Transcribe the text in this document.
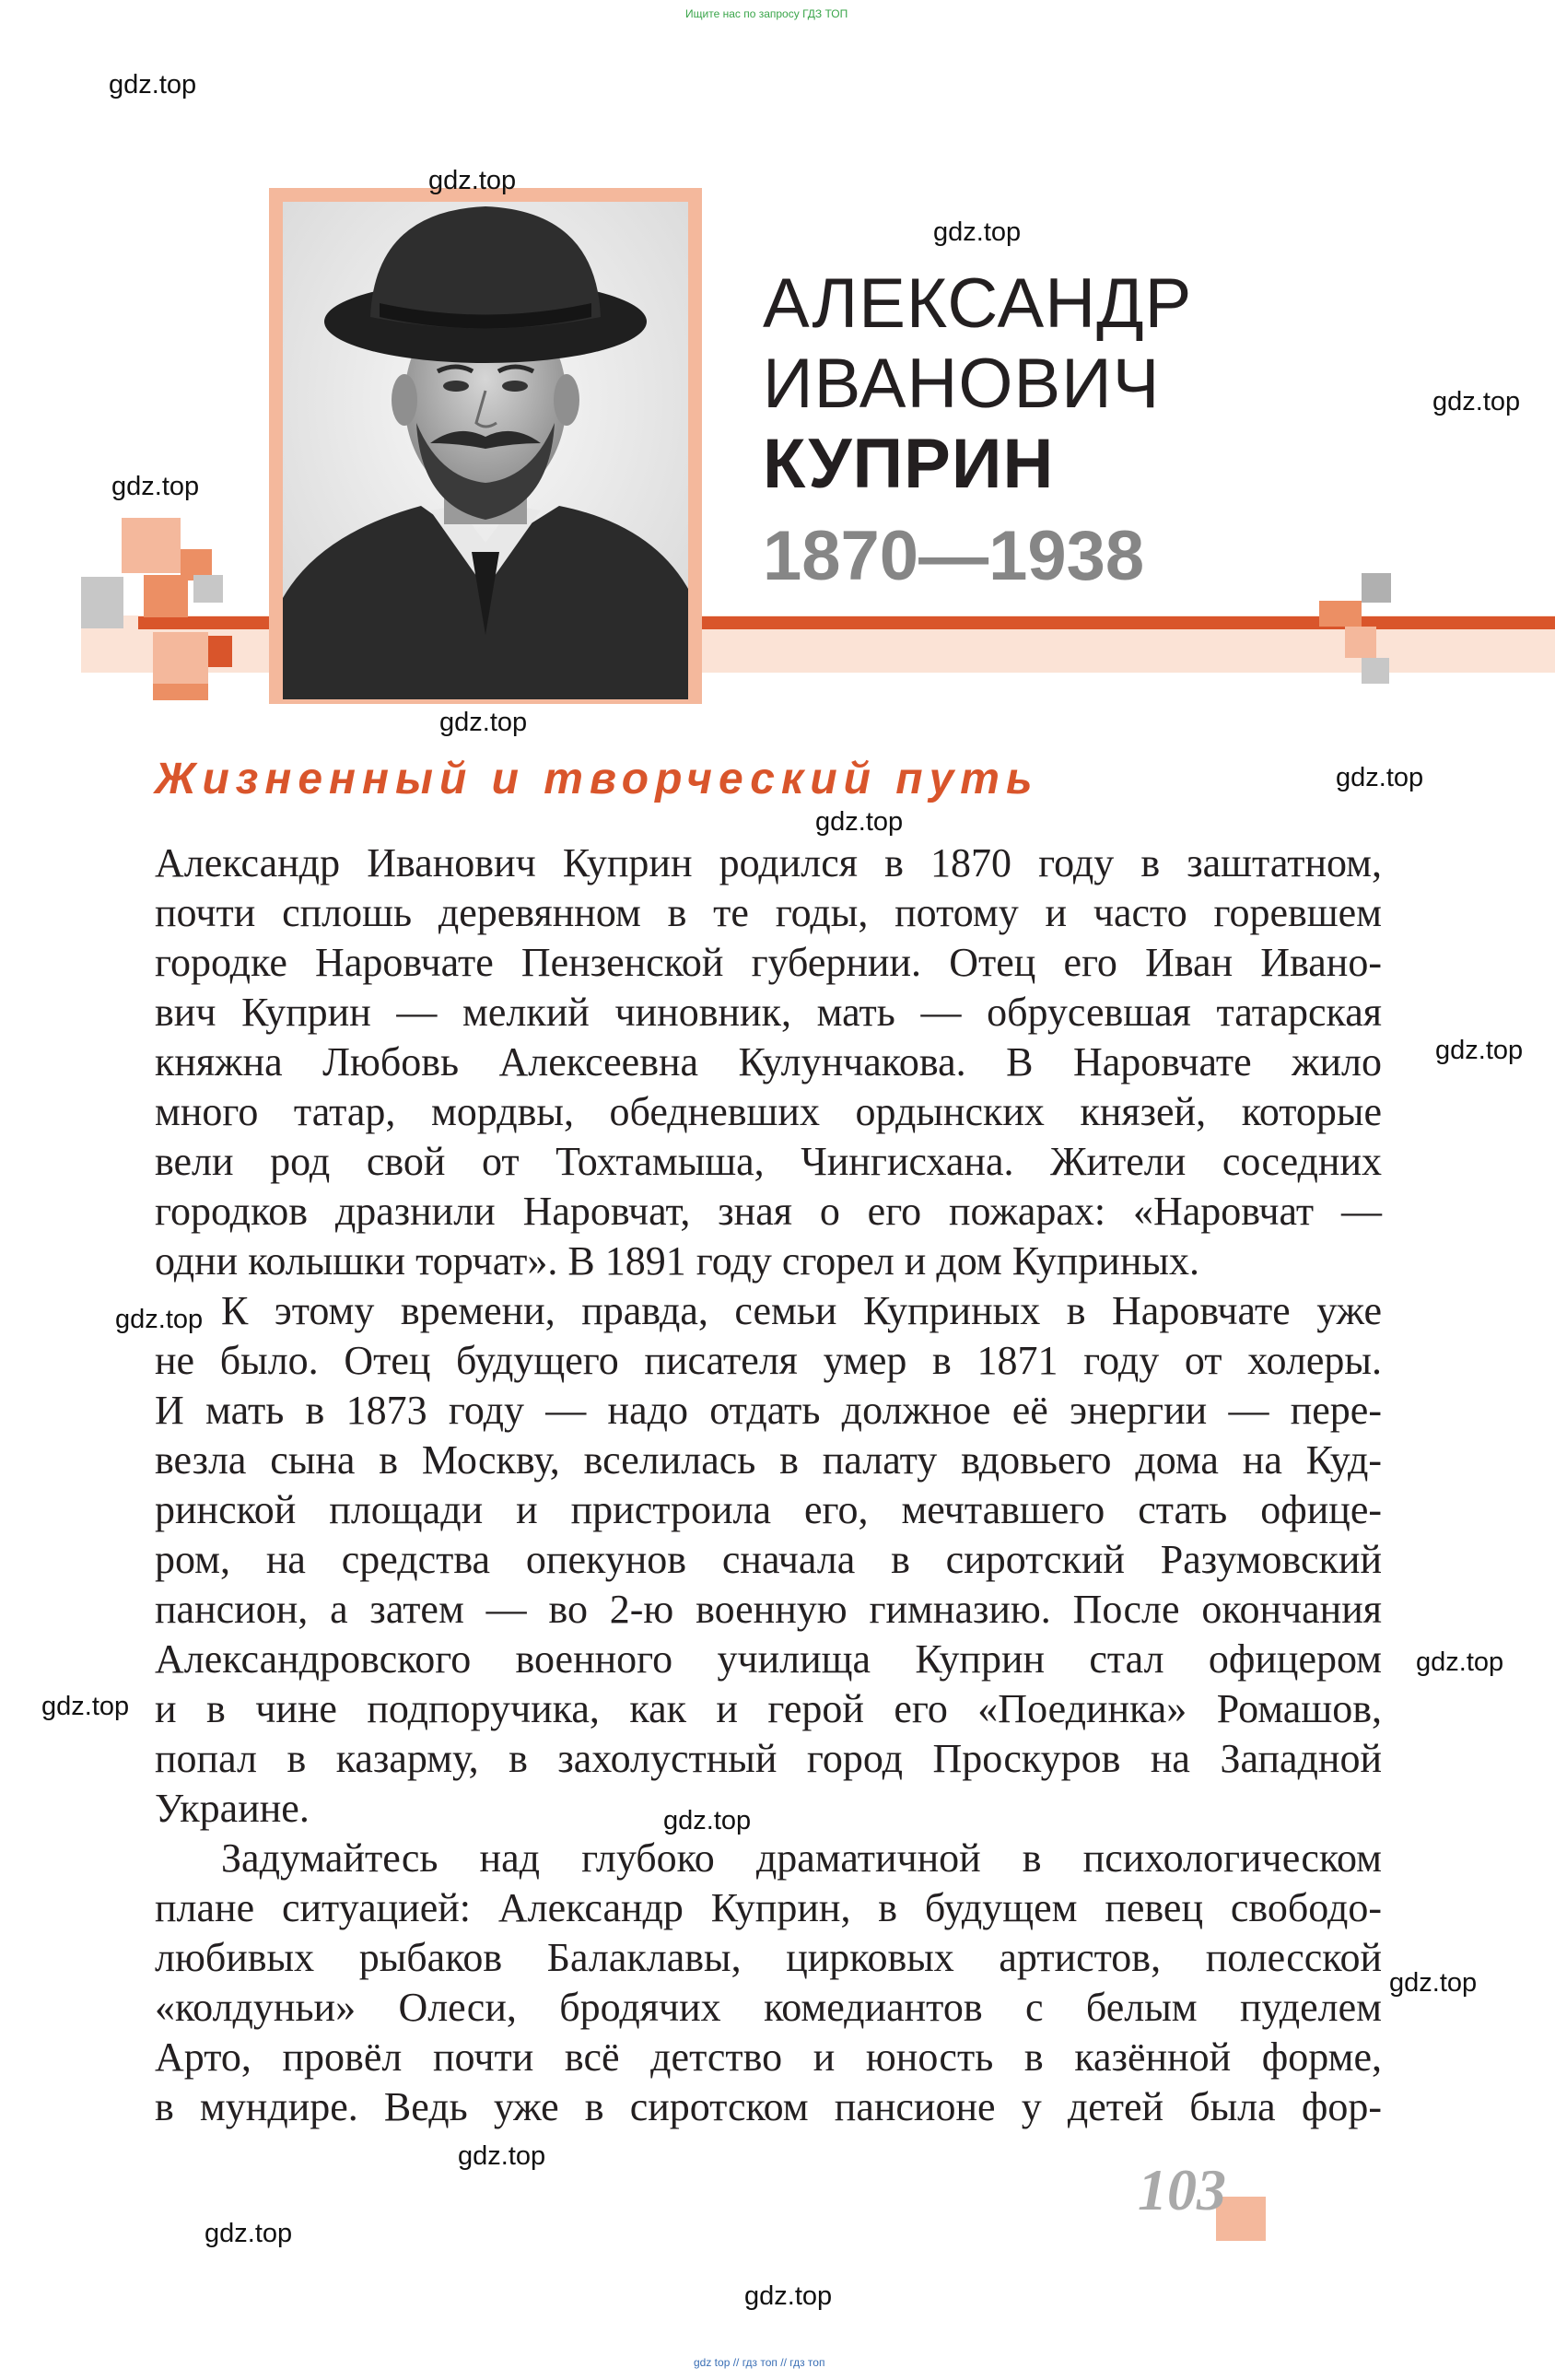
Ищите нас по запросу ГДЗ ТОП
gdz top // гдз топ // гдз топ
АЛЕКСАНДР
ИВАНОВИЧ
КУПРИН
1870—1938
Жизненный и творческий путь
Александр Иванович Куприн родился в 1870 году в заштатном,
почти сплошь деревянном в те годы, потому и часто горевшем
городке Наровчате Пензенской губернии. Отец его Иван Ивано-
вич Куприн — мелкий чиновник, мать — обрусевшая татарская
княжна Любовь Алексеевна Кулунчакова. В Наровчате жило
много татар, мордвы, обедневших ордынских князей, которые
вели род свой от Тохтамыша, Чингисхана. Жители соседних
городков дразнили Наровчат, зная о его пожарах: «Наровчат —
одни колышки торчат». В 1891 году сгорел и дом Куприных.
К этому времени, правда, семьи Куприных в Наровчате уже
не было. Отец будущего писателя умер в 1871 году от холеры.
И мать в 1873 году — надо отдать должное её энергии — пере-
везла сына в Москву, вселилась в палату вдовьего дома на Куд-
ринской площади и пристроила его, мечтавшего стать офице-
ром, на средства опекунов сначала в сиротский Разумовский
пансион, а затем — во 2-ю военную гимназию. После окончания
Александровского военного училища Куприн стал офицером
и в чине подпоручика, как и герой его «Поединка» Ромашов,
попал в казарму, в захолустный город Проскуров на Западной
Украине.
Задумайтесь над глубоко драматичной в психологическом
плане ситуацией: Александр Куприн, в будущем певец свободо-
любивых рыбаков Балаклавы, цирковых артистов, полесской
«колдуньи» Олеси, бродячих комедиантов с белым пуделем
Арто, провёл почти всё детство и юность в казённой форме,
в мундире. Ведь уже в сиротском пансионе у детей была фор-
103
gdz.top
gdz.top
gdz.top
gdz.top
gdz.top
gdz.top
gdz.top
gdz.top
gdz.top
gdz.top
gdz.top
gdz.top
gdz.top
gdz.top
gdz.top
gdz.top
gdz.top
